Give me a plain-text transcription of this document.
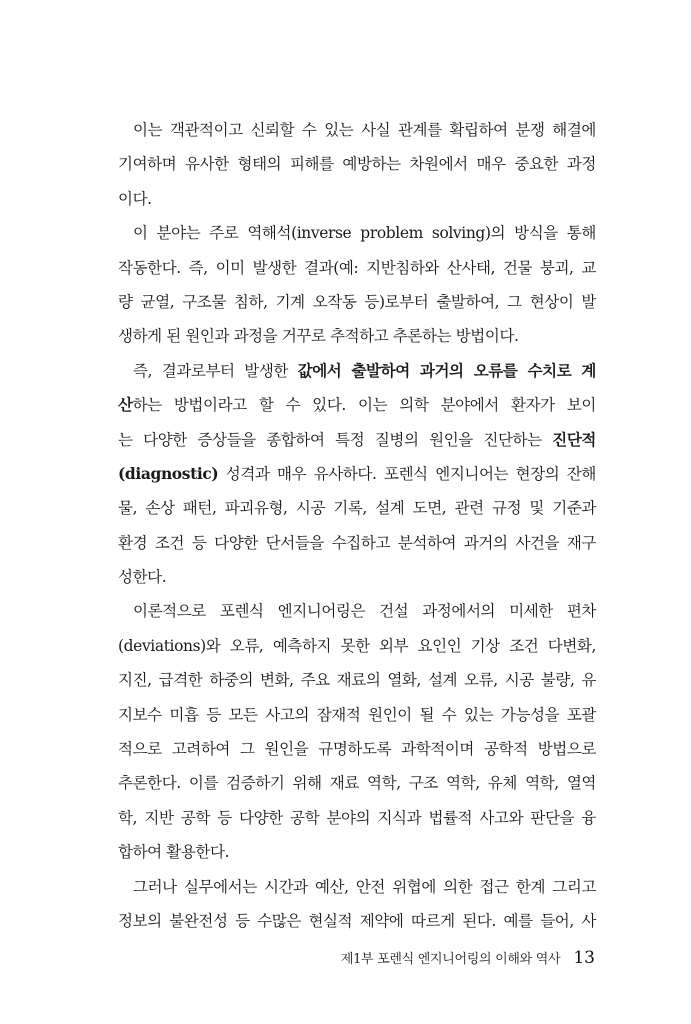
이는 객관적이고 신뢰할 수 있는 사실 관계를 확립하여 분쟁 해결에
기여하며 유사한 형태의 피해를 예방하는 차원에서 매우 중요한 과정
이다.

이 분야는 주로 역해석(inverse problem solving)의 방식을 통해
작동한다. 즉, 이미 발생한 결과(예: 지반침하와 산사태, 건물 붕괴, 교
량 균열, 구조물 침하, 기계 오작동 등)로부터 출발하여, 그 현상이 발
생하게 된 원인과 과정을 거꾸로 추적하고 추론하는 방법이다.

즉, 결과로부터 발생한 값에서 출발하여 과거의 오류를 수치로 계
산하는 방법이라고 할 수 있다. 이는 의학 분야에서 환자가 보이
는 다양한 증상들을 종합하여 특정 질병의 원인을 진단하는 진단적
(diagnostic) 성격과 매우 유사하다. 포렌식 엔지니어는 현장의 잔해
물, 손상 패턴, 파괴유형, 시공 기록, 설계 도면, 관련 규정 및 기준과
환경 조건 등 다양한 단서들을 수집하고 분석하여 과거의 사건을 재구
성한다.

이론적으로 포렌식 엔지니어링은 건설 과정에서의 미세한 편차
(deviations)와 오류, 예측하지 못한 외부 요인인 기상 조건 다변화,
지진, 급격한 하중의 변화, 주요 재료의 열화, 설계 오류, 시공 불량, 유
지보수 미흡 등 모든 사고의 잠재적 원인이 될 수 있는 가능성을 포괄
적으로 고려하여 그 원인을 규명하도록 과학적이며 공학적 방법으로
추론한다. 이를 검증하기 위해 재료 역학, 구조 역학, 유체 역학, 열역
학, 지반 공학 등 다양한 공학 분야의 지식과 법률적 사고와 판단을 융
합하여 활용한다.

그러나 실무에서는 시간과 예산, 안전 위협에 의한 접근 한계 그리고
정보의 불완전성 등 수많은 현실적 제약에 따르게 된다. 예를 들어, 사

제1부 포렌식 엔지니어링의 이해와 역사 13
